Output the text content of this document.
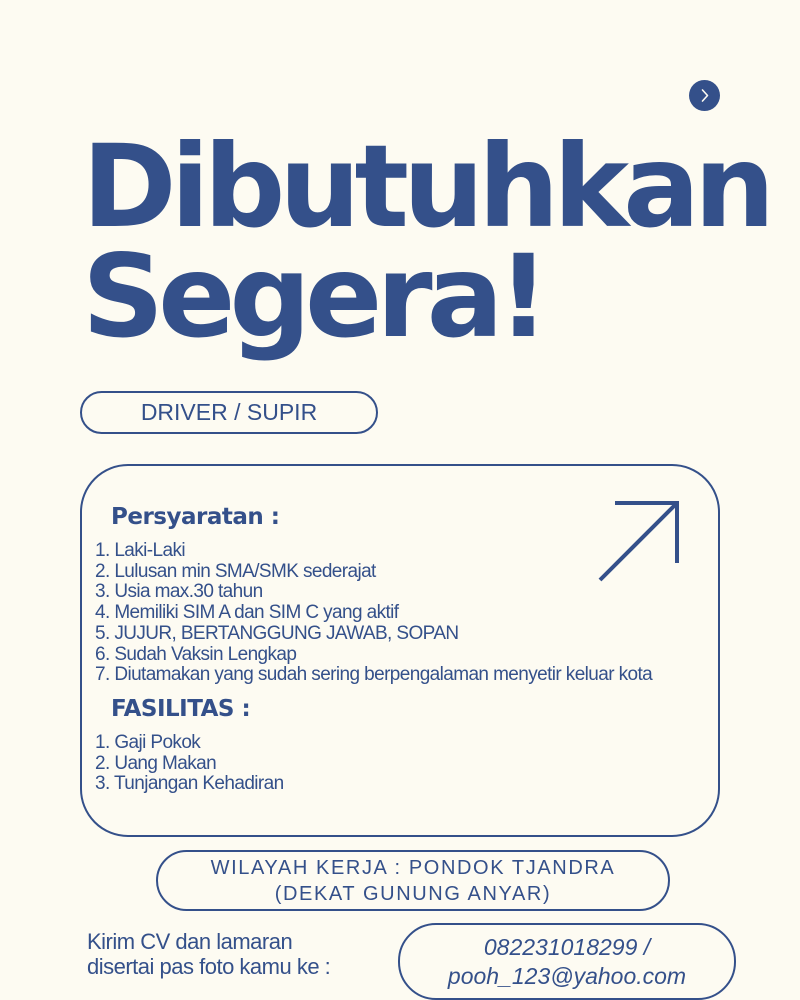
Dibutuhkan
Segera!
DRIVER / SUPIR
Persyaratan :
1. Laki-Laki
2. Lulusan min SMA/SMK sederajat
3. Usia max.30 tahun
4. Memiliki SIM A dan SIM C yang aktif
5. JUJUR, BERTANGGUNG JAWAB, SOPAN
6. Sudah Vaksin Lengkap
7. Diutamakan yang sudah sering berpengalaman menyetir keluar kota
FASILITAS :
1. Gaji Pokok
2. Uang Makan
3. Tunjangan Kehadiran
WILAYAH KERJA : PONDOK TJANDRA (DEKAT GUNUNG ANYAR)

Kirim CV dan lamaran
disertai pas foto kamu ke :

082231018299 /
pooh_123@yahoo.com
